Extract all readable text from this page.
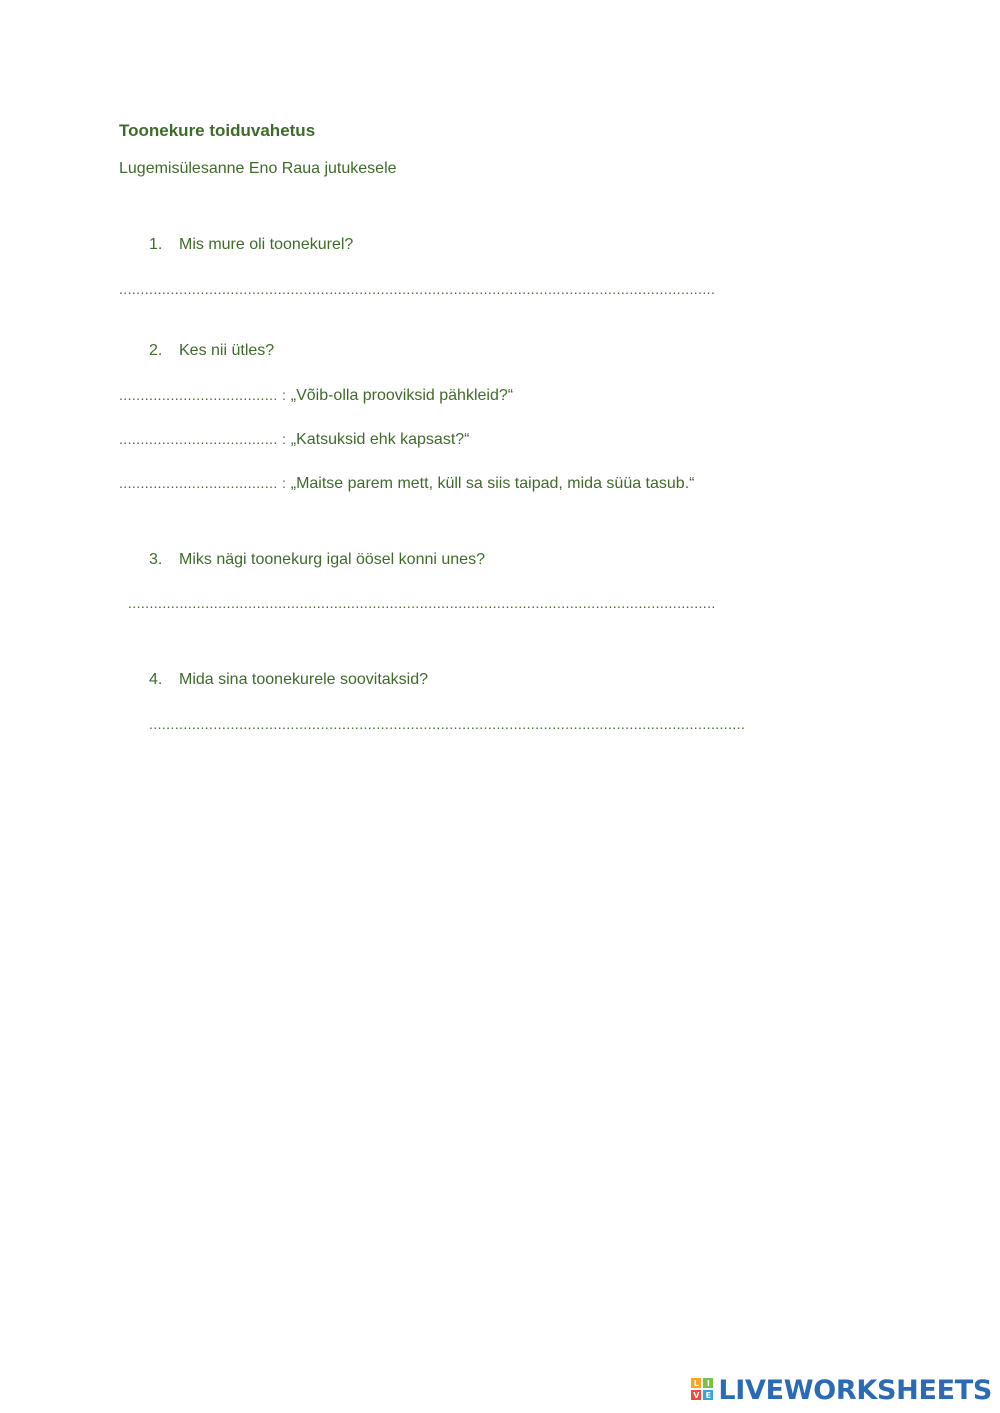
Toonekure toiduvahetus
Lugemisülesanne Eno Raua jutukesele
1. Mis mure oli toonekurel?
...........................................................................................................................................
2. Kes nii ütles?
..................................... : „Võib-olla prooviksid pähkleid?“
..................................... : „Katsuksid ehk kapsast?“
..................................... : „Maitse parem mett, küll sa siis taipad, mida süüa tasub.“
3. Miks nägi toonekurg igal öösel konni unes?
.........................................................................................................................................
4. Mida sina toonekurele soovitaksid?
...........................................................................................................................................
L I
V E LIVEWORKSHEETS
